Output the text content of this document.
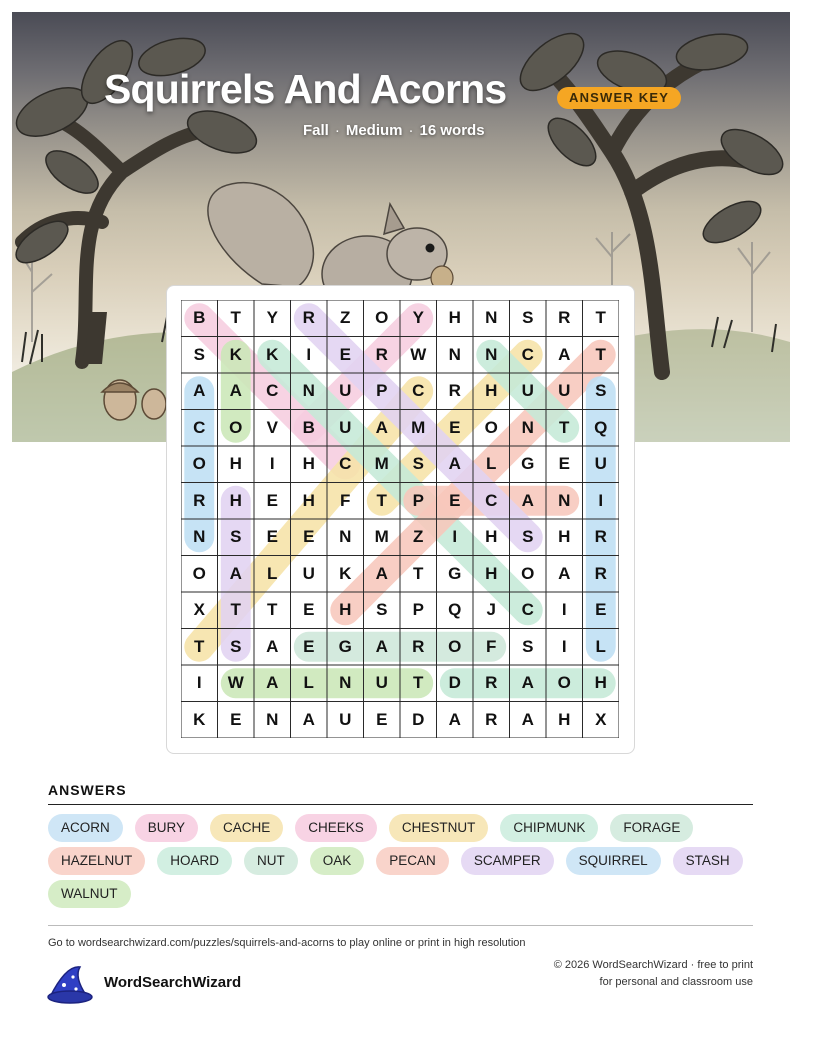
Squirrels And Acorns	ANSWER KEY
Fall · Medium · 16 words
B	T	Y	R	Z	O	Y	H	N	S	R	T
S	K	K	I	E	R	W	N	N	C	A	T
A	A	C	N	U	P	C	R	H	U	U	S
C	O	V	B	U	A	M	E	O	N	T	Q
O	H	I	H	C	M	S	A	L	G	E	U
R	H	E	H	F	T	P	E	C	A	N	I
N	S	E	E	N	M	Z	I	H	S	H	R
O	A	L	U	K	A	T	G	H	O	A	R
X	T	T	E	H	S	P	Q	J	C	I	E
T	S	A	E	G	A	R	O	F	S	I	L
I	W	A	L	N	U	T	D	R	A	O	H
K	E	N	A	U	E	D	A	R	A	H	X
ANSWERS
ACORN	BURY	CACHE	CHEEKS	CHESTNUT	CHIPMUNK	FORAGE
HAZELNUT	HOARD	NUT	OAK	PECAN	SCAMPER	SQUIRREL	STASH
WALNUT
Go to wordsearchwizard.com/puzzles/squirrels-and-acorns to play online or print in high resolution
WordSearchWizard
© 2026 WordSearchWizard · free to print for personal and classroom use
